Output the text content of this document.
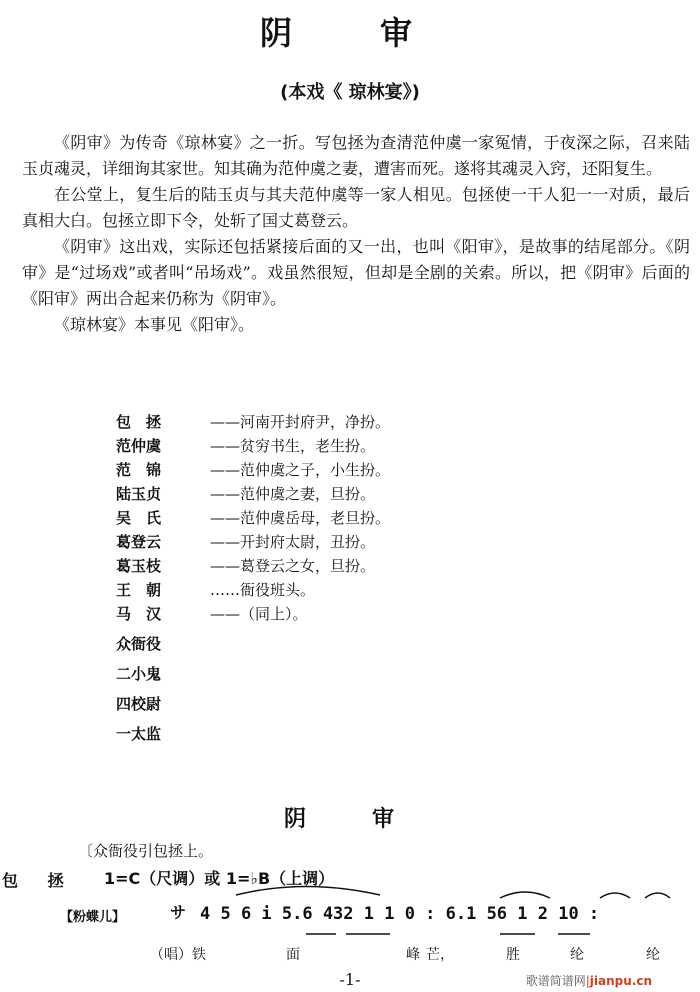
阴　审
(本戏《 琼林宴》)

《阴审》为传奇《琼林宴》之一折。写包拯为查清范仲虞一家冤情，于夜深之际，召来陆玉贞魂灵，详细询其家世。知其确为范仲虞之妻，遭害而死。遂将其魂灵入窍，还阳复生。

在公堂上，复生后的陆玉贞与其夫范仲虞等一家人相见。包拯使一干人犯一一对质，最后真相大白。包拯立即下令，处斩了国丈葛登云。

《阴审》这出戏，实际还包括紧接后面的又一出，也叫《阳审》，是故事的结尾部分。《阴审》是“过场戏”或者叫“吊场戏”。戏虽然很短，但却是全剧的关索。所以，把《阴审》后面的《阳审》两出合起来仍称为《阴审》。

《琼林宴》本事见《阳审》。

包　拯	——河南开封府尹，净扮。
范仲虞	——贫穷书生，老生扮。
范　锦	——范仲虞之子，小生扮。
陆玉贞	——范仲虞之妻，旦扮。
吴　氏	——范仲虞岳母，老旦扮。
葛登云	——开封府太尉，丑扮。
葛玉枝	——葛登云之女，旦扮。
王　朝	……衙役班头。
马　汉	——（同上）。
众衙役
二小鬼
四校尉
一太监
阴　审
〔众衙役引包拯上。
包 拯 1=C（尺调）或 1=♭B（上调）
【粉蝶儿】	サ 4 5 6 i 5.6 432 1 1 0 : 6.1 56 1 2 10 :
（唱）铁	面	峰 芒，	胜	纶	纶
-1-	歌谱简谱网|jianpu.cn
